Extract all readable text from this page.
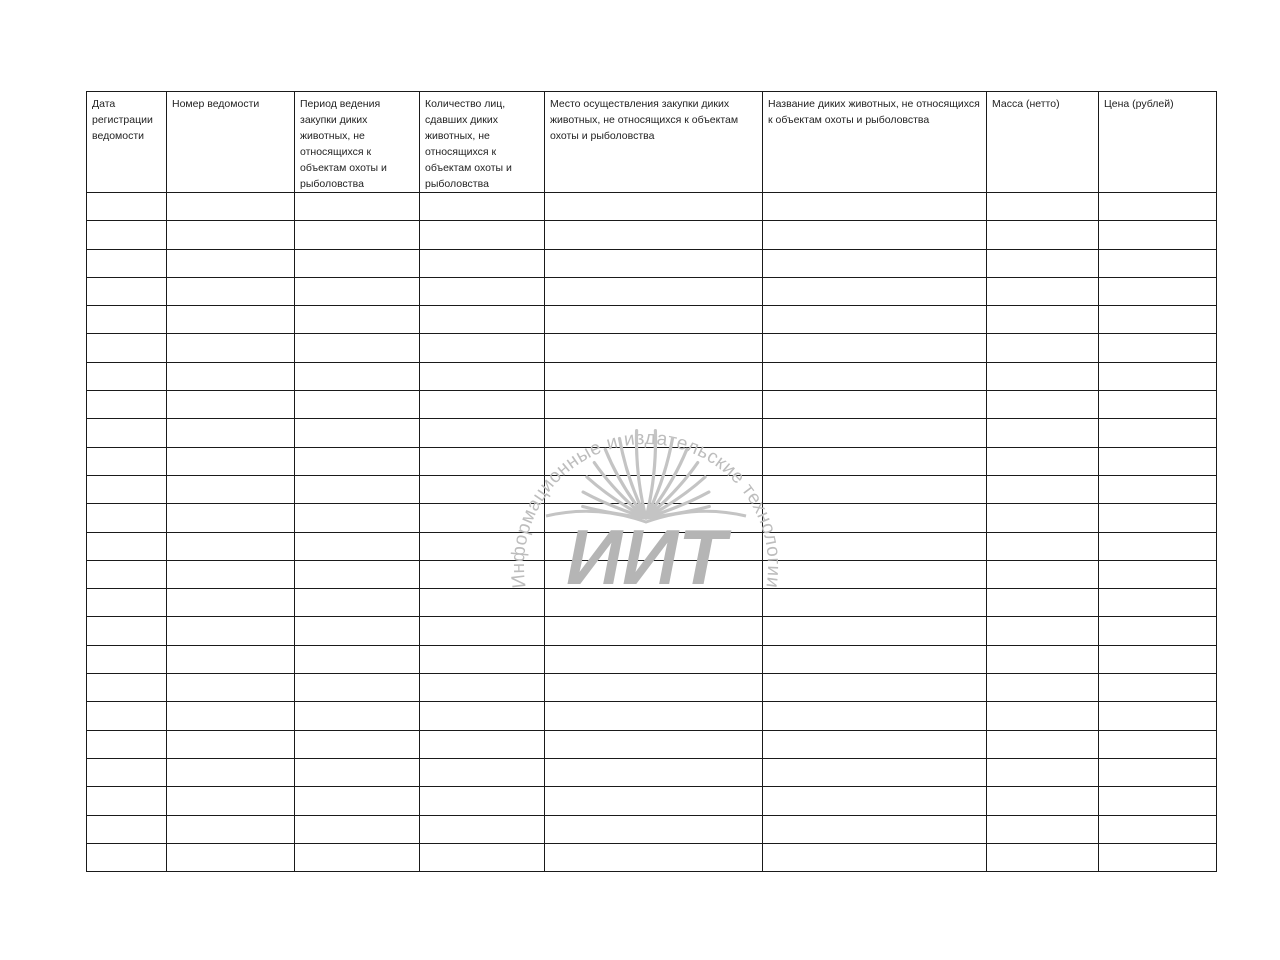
Дата регистрации ведомости	Номер ведомости	Период ведения закупки диких животных, не относящихся к объектам охоты и рыболовства	Количество лиц, сдавших диких животных, не относящихся к объектам охоты и рыболовства	Место осуществления закупки диких животных, не относящихся к объектам охоты и рыболовства	Название диких животных, не относящихся к объектам охоты и рыболовства	Масса (нетто)	Цена (рублей)

Информационные и издательские технологии
ИИТ
